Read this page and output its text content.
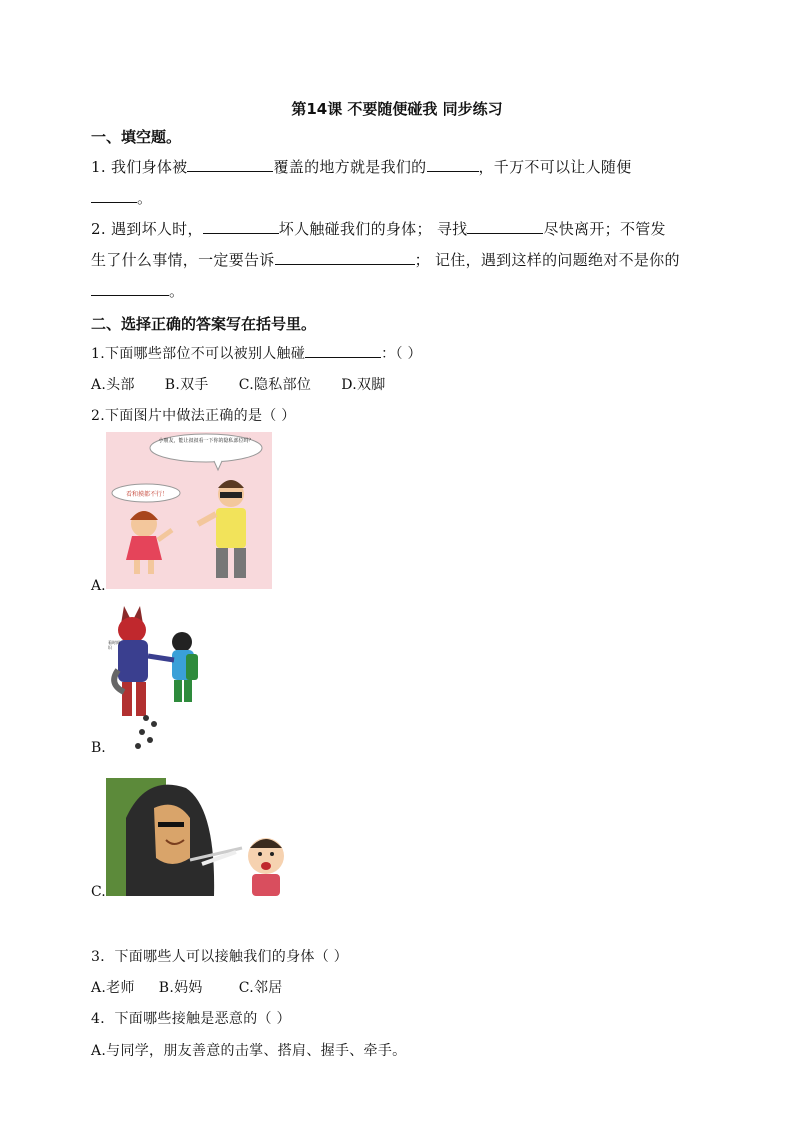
第14课 不要随便碰我 同步练习
一、填空题。
1. 我们身体被	覆盖的地方就是我们的	，千万不可以让人随便
。
2. 遇到坏人时，	坏人触碰我们的身体； 寻找	尽快离开；不管发
生了什么事情，一定要告诉	； 记住，遇到这样的问题绝对不是你的
。
二、选择正确的答案写在括号里。
1.下面哪些部位不可以被别人触碰	：（ ）
A.头部 B.双手 C.隐私部位 D.双脚
2.下面图片中做法正确的是（ ）
小朋友，能让叔叔看一下你的隐私部位吗？
看和摸都不行！
A.
看时间识
B.
C.
3．下面哪些人可以接触我们的身体（ ）
A.老师 B.妈妈	C.邻居
4．下面哪些接触是恶意的（ ）
A.与同学，朋友善意的击掌、搭肩、握手、牵手。
